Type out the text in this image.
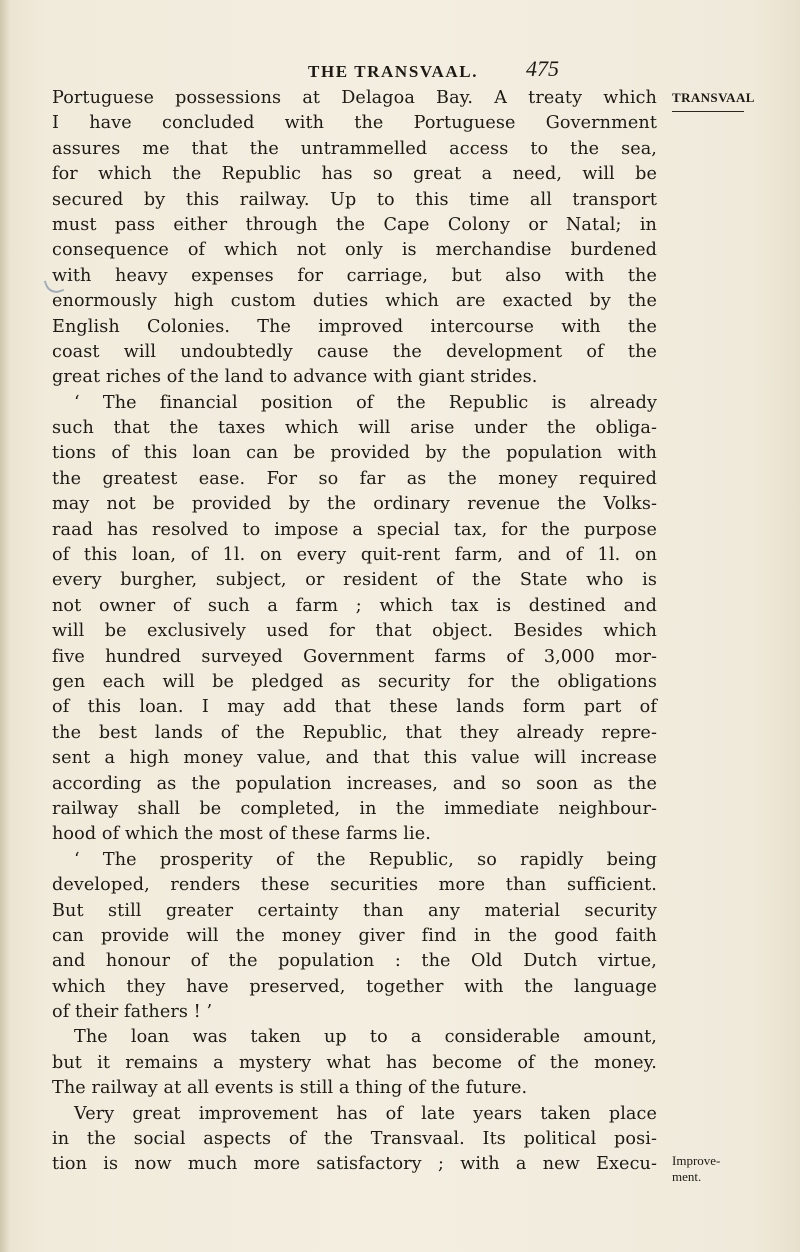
THE TRANSVAAL. 475
TRANSVAAL
Improve-
ment.
Portuguese possessions at Delagoa Bay. A treaty which
I have concluded with the Portuguese Government
assures me that the untrammelled access to the sea,
for which the Republic has so great a need, will be
secured by this railway. Up to this time all transport
must pass either through the Cape Colony or Natal; in
consequence of which not only is merchandise burdened
with heavy expenses for carriage, but also with the
enormously high custom duties which are exacted by the
English Colonies. The improved intercourse with the
coast will undoubtedly cause the development of the
great riches of the land to advance with giant strides.
‘ The financial position of the Republic is already
such that the taxes which will arise under the obliga-
tions of this loan can be provided by the population with
the greatest ease. For so far as the money required
may not be provided by the ordinary revenue the Volks-
raad has resolved to impose a special tax, for the purpose
of this loan, of 1l. on every quit-rent farm, and of 1l. on
every burgher, subject, or resident of the State who is
not owner of such a farm ; which tax is destined and
will be exclusively used for that object. Besides which
five hundred surveyed Government farms of 3,000 mor-
gen each will be pledged as security for the obligations
of this loan. I may add that these lands form part of
the best lands of the Republic, that they already repre-
sent a high money value, and that this value will increase
according as the population increases, and so soon as the
railway shall be completed, in the immediate neighbour-
hood of which the most of these farms lie.
‘ The prosperity of the Republic, so rapidly being
developed, renders these securities more than sufficient.
But still greater certainty than any material security
can provide will the money giver find in the good faith
and honour of the population : the Old Dutch virtue,
which they have preserved, together with the language
of their fathers ! ’
The loan was taken up to a considerable amount,
but it remains a mystery what has become of the money.
The railway at all events is still a thing of the future.
Very great improvement has of late years taken place
in the social aspects of the Transvaal. Its political posi-
tion is now much more satisfactory ; with a new Execu-
